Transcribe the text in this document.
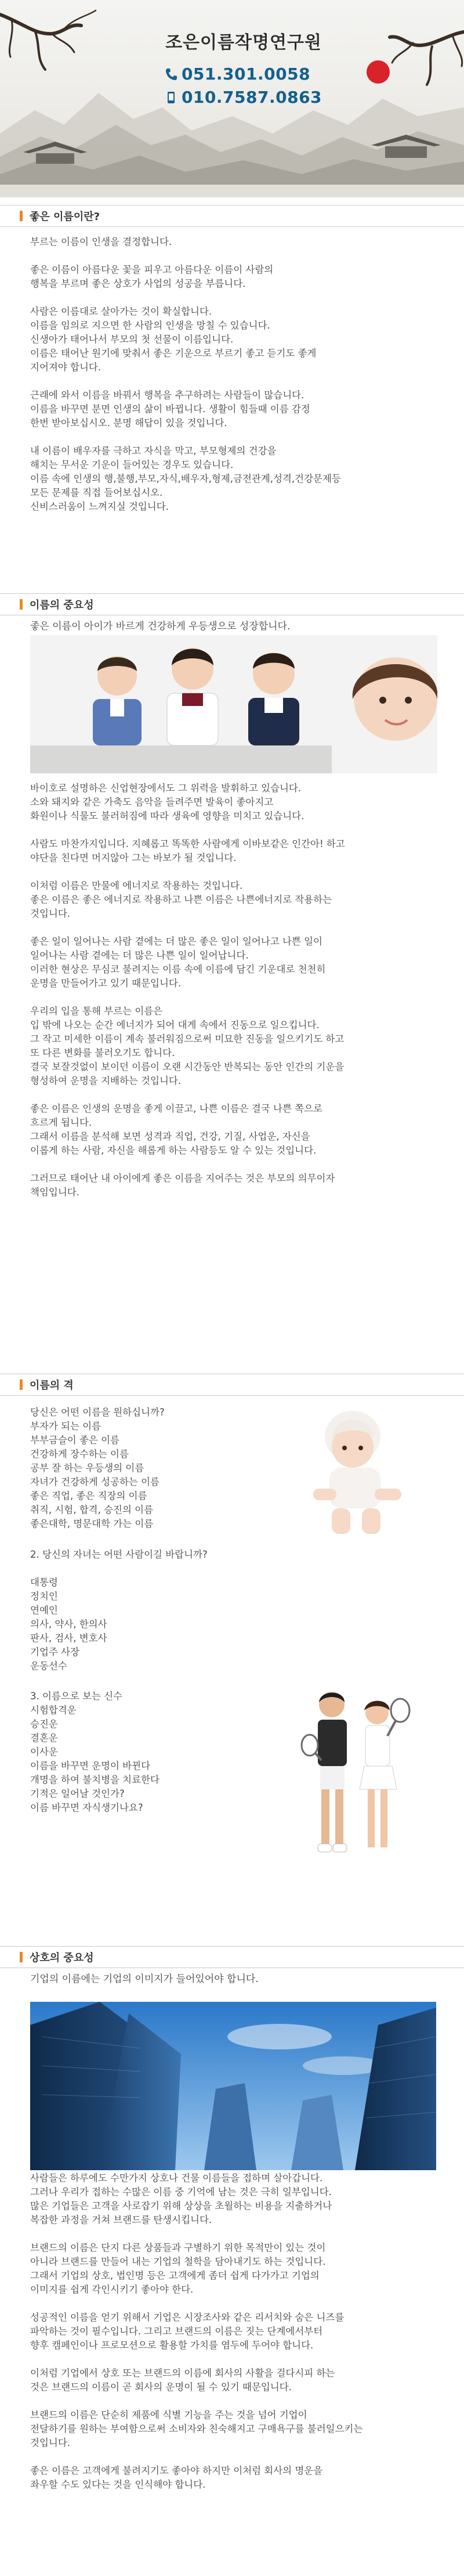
조은이름작명연구원
051.301.0058
010.7587.0863
좋은 이름이란?
부르는 이름이 인생을 결정합니다.
좋은 이름이 아름다운 꽃을 피우고 아름다운 이름이 사람의
행복을 부르며 좋은 상호가 사업의 성공을 부릅니다.
사람은 이름대로 살아가는 것이 확실합니다.
이름을 임의로 지으면 한 사람의 인생을 망칠 수 있습니다.
신생아가 태어나서 부모의 첫 선물이 이름입니다.
이름은 태어난 원기에 맞춰서 좋은 기운으로 부르기 좋고 듣기도 좋게
지어져야 합니다.
근래에 와서 이름을 바꿔서 행복을 추구하려는 사람들이 많습니다.
이름을 바꾸면 분면 인생의 삶이 바뀝니다. 생활이 힘들때 이름 감정
한번 받아보십시오. 분명 해답이 있을 것입니다.
내 이름이 배우자를 극하고 자식을 막고, 부모형제의 건강을
해치는 무서운 기운이 들어있는 경우도 있습니다.
이름 속에 인생의 행,불행,부모,자식,배우자,형제,금전관계,성격,건강문제등
모든 문제를 직접 들어보십시오.
신비스러움이 느껴지실 것입니다.
이름의 중요성
좋은 이름이 아이가 바르게 건강하게 우등생으로 성장합니다.
바이호로 설명하은 신업현장에서도 그 위력을 발휘하고 있습니다.
소와 돼지와 같은 가축도 음악을 들려주면 발육이 좋아지고
화원이나 식물도 불러허짐에 따라 생육에 영향을 미치고 있습니다.
사람도 마찬가지입니다. 지혜롭고 똑똑한 사람에게 이바보같은 인간아! 하고
야단을 친다면 머지않아 그는 바보가 될 것입니다.
이처럼 이름은 만물에 에너지로 작용하는 것입니다.
좋은 이름은 좋은 에너지로 작용하고 나쁜 이름은 나쁜에너지로 작용하는
것입니다.
좋은 일이 일어나는 사람 곁에는 더 많은 좋은 일이 일어나고 나쁜 일이
일어나는 사람 곁에는 더 많은 나쁜 일이 일어납니다.
이러한 현상은 무심코 불려지는 이름 속에 이름에 담긴 기운대로 천천히
운명을 만들어가고 있기 때문입니다.
우리의 입을 통해 부르는 이름은
입 밖에 나오는 순간 에너지가 되어 대게 속에서 진동으로 일으킵니다.
그 작고 미세한 이름이 계속 불러워짐으로써 미묘한 진동을 일으키기도 하고
또 다른 변화를 불러오기도 합니다.
결국 보잘것없이 보이던 이름이 오랜 시간동안 반복되는 동안 인간의 기운을
형성하여 운명을 지배하는 것입니다.
좋은 이름은 인생의 운명을 좋게 이끌고, 나쁜 이름은 결국 나쁜 쪽으로
흐르게 됩니다.
그래서 이름을 분석해 보면 성격과 직업, 건강, 기질, 사업운, 자신을
이롭게 하는 사람, 자신을 해롭게 하는 사람등도 알 수 있는 것입니다.
그러므로 태어난 내 아이에게 좋은 이름을 지어주는 것은 부모의 의무이자
책임입니다.
이름의 격
당신은 어떤 이름을 원하십니까?
부자가 되는 이름
부부금슬이 좋은 이름
건강하게 장수하는 이름
공부 잘 하는 우등생의 이름
자녀가 건강하게 성공하는 이름
좋은 직업, 좋은 직장의 이름
취직, 시험, 합격, 승진의 이름
좋은대학, 명문대학 가는 이름
2. 당신의 자녀는 어떤 사람이길 바랍니까?

대통령
정치인
연예인
의사, 약사, 한의사
판사, 검사, 변호사
기업주 사장
운동선수
3. 이름으로 보는 신수
시험합격운
승진운
결혼운
이사운
이름을 바꾸면 운명이 바뀐다
개명을 하여 불치병을 치료한다
기적은 일어날 것인가?
이름 바꾸면 자식생기나요?
상호의 중요성
기업의 이름에는 기업의 이미지가 들어있어야 합니다.
사람들은 하루에도 수만가지 상호나 건물 이름들을 접하며 살아갑니다.
그러나 우리가 접하는 수많은 이름 중 기억에 남는 것은 극히 일부입니다.
많은 기업들은 고객을 사로잡기 위해 상상을 초월하는 비용을 지출하거나
복잡한 과정을 거쳐 브랜드를 탄생시킵니다.
브랜드의 이름은 단지 다른 상품들과 구별하기 위한 목적만이 있는 것이
아니라 브랜드를 만들어 내는 기업의 철학을 담아내기도 하는 것입니다.
그래서 기업의 상호, 법인명 등은 고객에게 좀더 쉽게 다가가고 기업의
이미지를 쉽게 각인시키기 좋아야 한다.
성공적인 이름을 얻기 위해서 기업은 시장조사와 같은 리서치와 숨은 니즈를
파악하는 것이 필수입니다. 그리고 브랜드의 이름은 짓는 단계에서부터
향후 캠페인이나 프로모션으로 활용할 가치를 염두에 두어야 합니다.
이처럼 기업에서 상호 또는 브랜드의 이름에 회사의 사활을 걸다시피 하는
것은 브랜드의 이름이 곧 회사의 운명이 될 수 있기 때문입니다.
브랜드의 이름은 단순히 제품에 식별 기능을 주는 것을 넘어 기업이
전달하기를 원하는 부여함으로써 소비자와 친숙해지고 구매욕구를 불러일으키는
것입니다.
좋은 이름은 고객에게 불려지기도 좋아야 하지만 이처럼 회사의 명운을
좌우할 수도 있다는 것을 인식해야 합니다.
